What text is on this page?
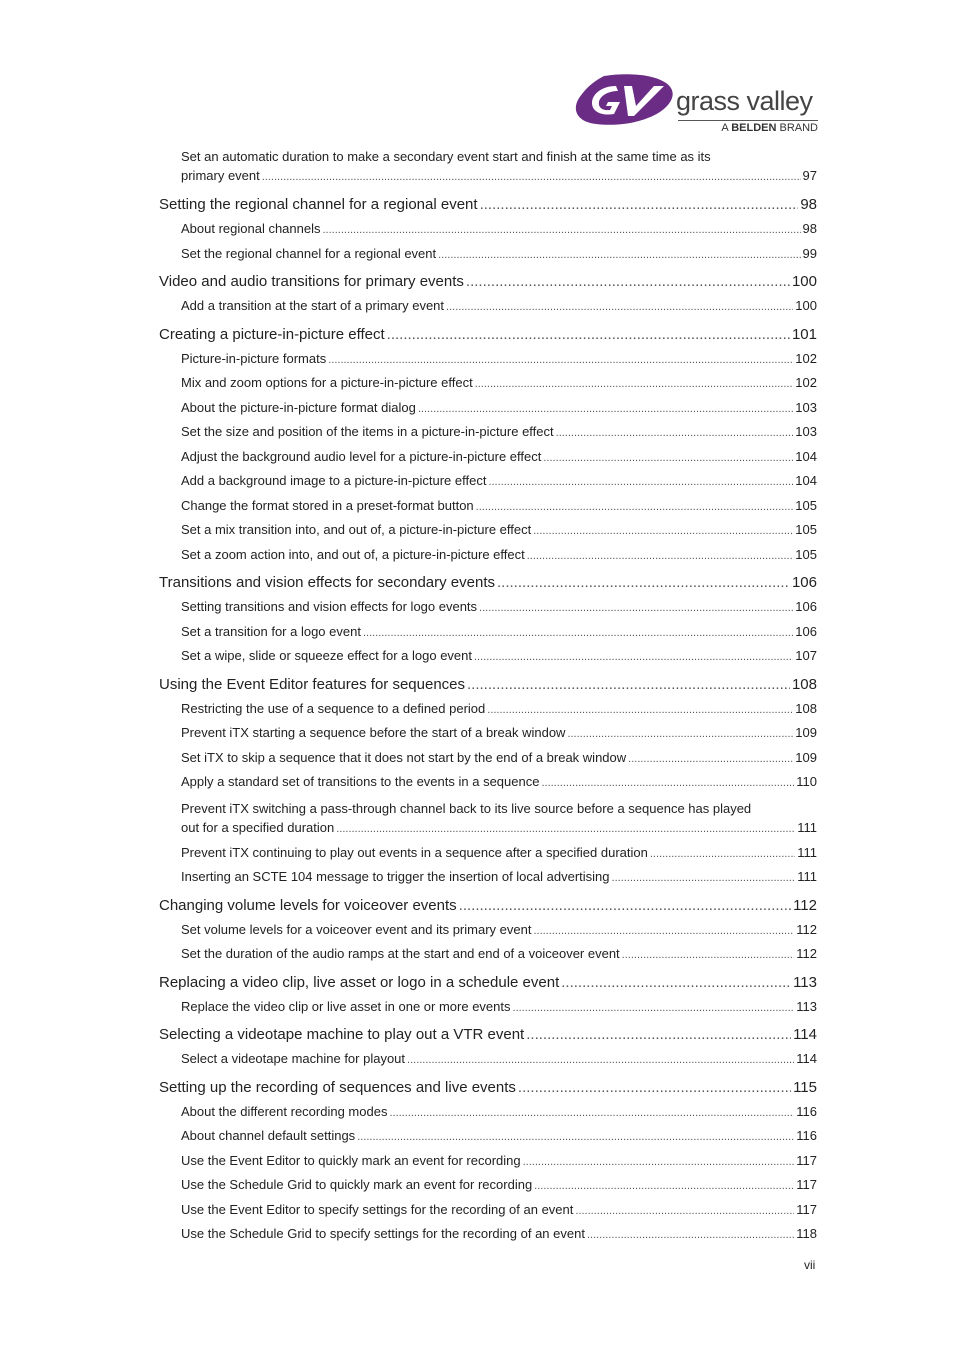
grass valley
A BELDEN BRAND
Set an automatic duration to make a secondary event start and finish at the same time as its
primary event .....	97
Setting the regional channel for a regional event .....	98
About regional channels .....	98
Set the regional channel for a regional event .....	99
Video and audio transitions for primary events .....	100
Add a transition at the start of a primary event .....	100
Creating a picture-in-picture effect .....	101
Picture-in-picture formats .....	102
Mix and zoom options for a picture-in-picture effect .....	102
About the picture-in-picture format dialog .....	103
Set the size and position of the items in a picture-in-picture effect .....	103
Adjust the background audio level for a picture-in-picture effect .....	104
Add a background image to a picture-in-picture effect .....	104
Change the format stored in a preset-format button .....	105
Set a mix transition into, and out of, a picture-in-picture effect .....	105
Set a zoom action into, and out of, a picture-in-picture effect .....	105
Transitions and vision effects for secondary events .....	106
Setting transitions and vision effects for logo events .....	106
Set a transition for a logo event .....	106
Set a wipe, slide or squeeze effect for a logo event .....	107
Using the Event Editor features for sequences .....	108
Restricting the use of a sequence to a defined period .....	108
Prevent iTX starting a sequence before the start of a break window .....	109
Set iTX to skip a sequence that it does not start by the end of a break window .....	109
Apply a standard set of transitions to the events in a sequence .....	110
Prevent iTX switching a pass-through channel back to its live source before a sequence has played
out for a specified duration .....	111
Prevent iTX continuing to play out events in a sequence after a specified duration .....	111
Inserting an SCTE 104 message to trigger the insertion of local advertising .....	111
Changing volume levels for voiceover events .....	112
Set volume levels for a voiceover event and its primary event .....	112
Set the duration of the audio ramps at the start and end of a voiceover event .....	112
Replacing a video clip, live asset or logo in a schedule event .....	113
Replace the video clip or live asset in one or more events .....	113
Selecting a videotape machine to play out a VTR event .....	114
Select a videotape machine for playout .....	114
Setting up the recording of sequences and live events .....	115
About the different recording modes .....	116
About channel default settings .....	116
Use the Event Editor to quickly mark an event for recording .....	117
Use the Schedule Grid to quickly mark an event for recording .....	117
Use the Event Editor to specify settings for the recording of an event .....	117
Use the Schedule Grid to specify settings for the recording of an event .....	118
vii
